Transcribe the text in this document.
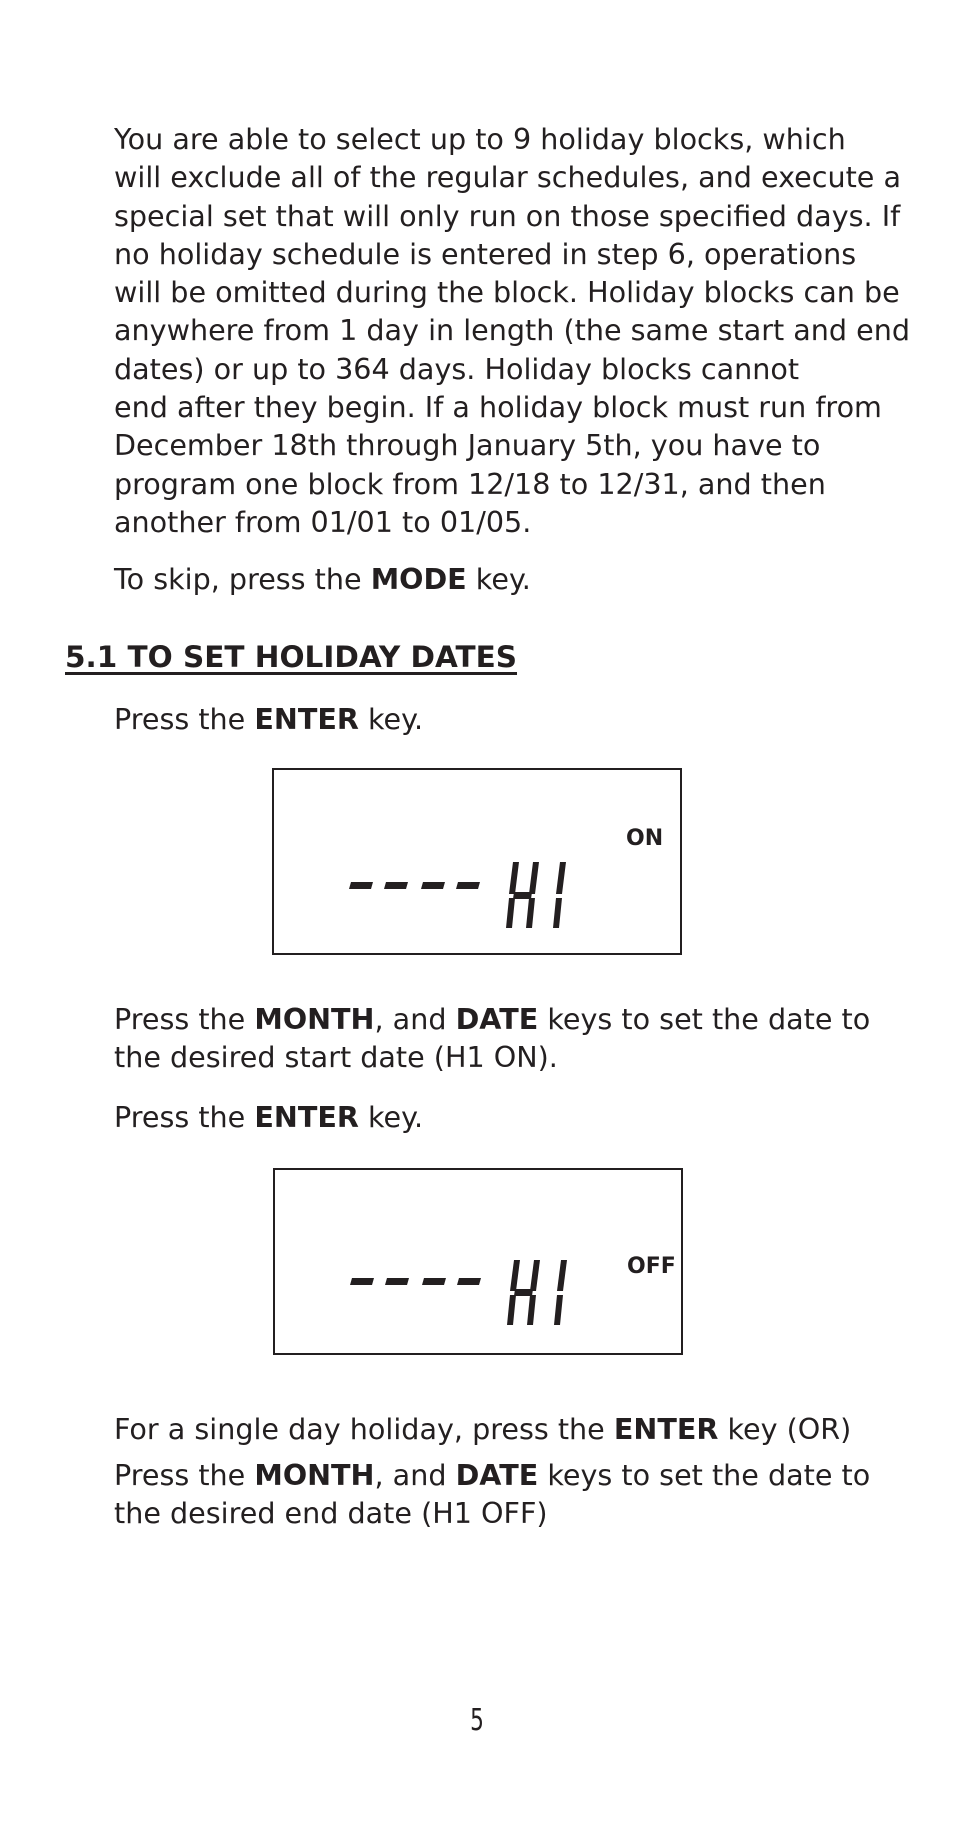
You are able to select up to 9 holiday blocks, which
will exclude all of the regular schedules, and execute a
special set that will only run on those specified days. If
no holiday schedule is entered in step 6, operations
will be omitted during the block. Holiday blocks can be
anywhere from 1 day in length (the same start and end
dates) or up to 364 days. Holiday blocks cannot
end after they begin. If a holiday block must run from
December 18th through January 5th, you have to
program one block from 12/18 to 12/31, and then
another from 01/01 to 01/05.

To skip, press the MODE key.

5.1 TO SET HOLIDAY DATES

Press the ENTER key.

ON

Press the MONTH, and DATE keys to set the date to
the desired start date (H1 ON).

Press the ENTER key.

OFF

For a single day holiday, press the ENTER key (OR)

Press the MONTH, and DATE keys to set the date to
the desired end date (H1 OFF)

5
